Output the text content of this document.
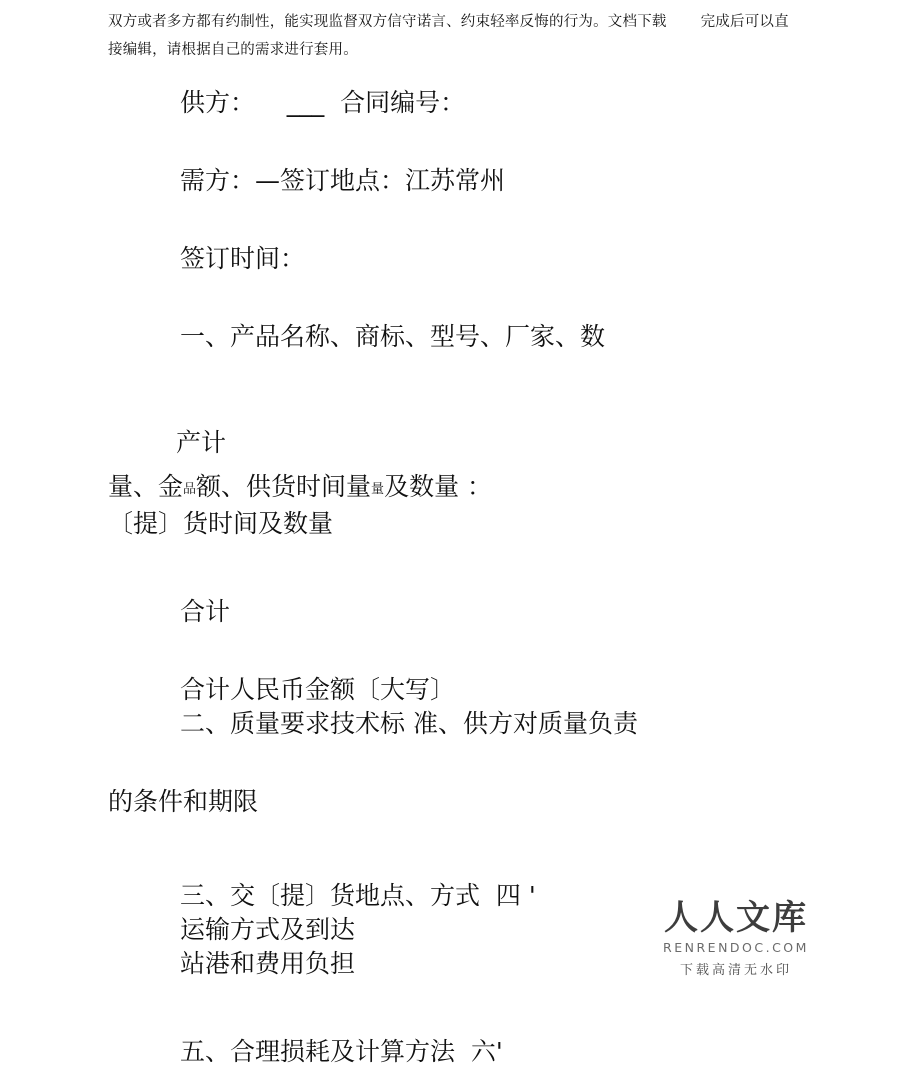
双方或者多方都有约制性，能实现监督双方信守诺言、约束轻率反悔的行为。文档下载 完成后可以直接编辑，请根据自己的需求进行套用。
供方：    ___  合同编号：
需方：—签订地点：江苏常州
签订时间：
一、产品名称、商标、型号、厂家、数
产计
量、金品额、供货时间量量及数量 ：
〔提〕货时间及数量
合计
合计人民币金额〔大写〕
二、质量要求技术标 准、供方对质量负责
的条件和期限
三、交〔提〕货地点、方式  四 '
运输方式及到达
站港和费用负担
五、合理损耗及计算方法  六'
人人文库
RENRENDOC.COM
下载高清无水印
